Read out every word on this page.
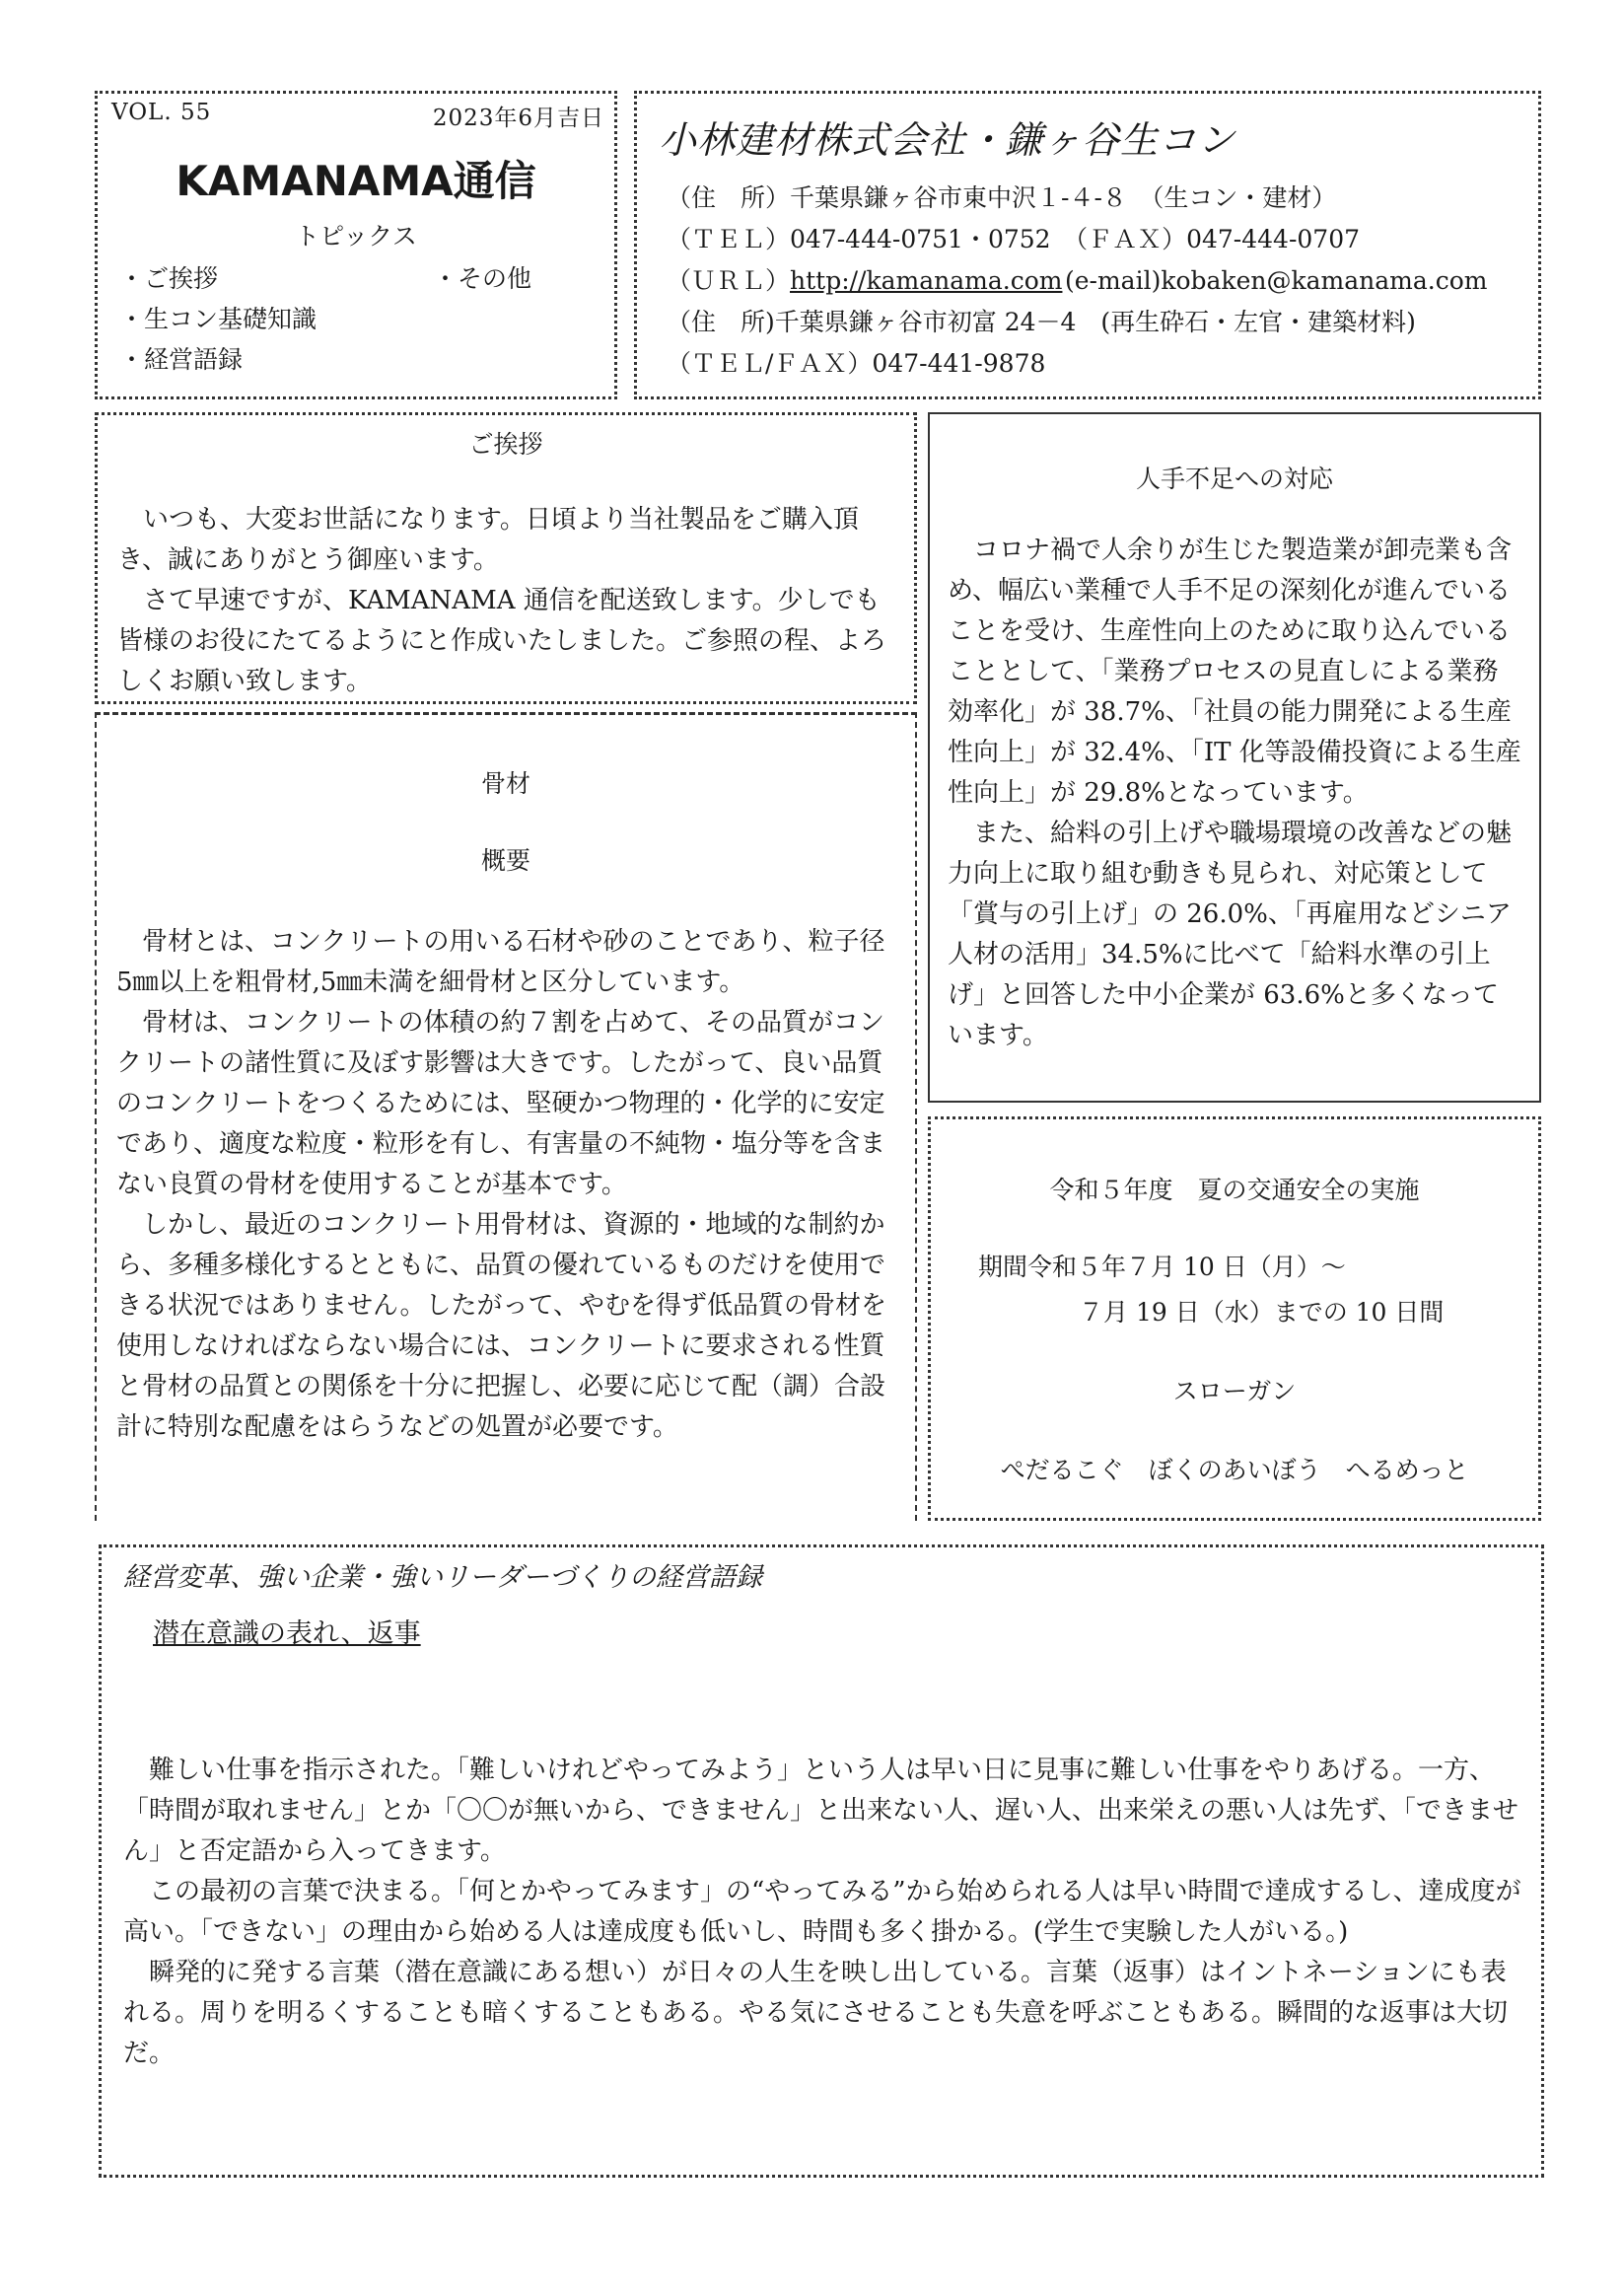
VOL. 55	2023年6月吉日
KAMANAMA通信
トピックス
・ご挨拶	・その他
・生コン基礎知識
・経営語録
小林建材株式会社・鎌ヶ谷生コン
（住　所）千葉県鎌ヶ谷市東中沢１‐４‐８　（生コン・建材）
（ＴＥＬ）047‐444‐0751・0752　（ＦＡＸ）047‐444‐0707
（ＵＲＬ）http://kamanama.com  (e-mail)kobaken@kamanama.com
（住　所)千葉県鎌ヶ谷市初富 24－4　(再生砕石・左官・建築材料)
（ＴＥＬ/ＦＡＸ）047‐441‐9878
ご挨拶

いつも、大変お世話になります。日頃より当社製品をご購入頂き、誠にありがとう御座います。

さて早速ですが、KAMANAMA 通信を配送致します。少しでも皆様のお役にたてるようにと作成いたしました。ご参照の程、よろしくお願い致します。

骨材
概要

骨材とは、コンクリートの用いる石材や砂のことであり、粒子径5㎜以上を粗骨材,5㎜未満を細骨材と区分しています。

骨材は、コンクリートの体積の約７割を占めて、その品質がコンクリートの諸性質に及ぼす影響は大きです。したがって、良い品質のコンクリートをつくるためには、堅硬かつ物理的・化学的に安定であり、適度な粒度・粒形を有し、有害量の不純物・塩分等を含まない良質の骨材を使用することが基本です。

しかし、最近のコンクリート用骨材は、資源的・地域的な制約から、多種多様化するとともに、品質の優れているものだけを使用できる状況ではありません。したがって、やむを得ず低品質の骨材を使用しなければならない場合には、コンクリートに要求される性質と骨材の品質との関係を十分に把握し、必要に応じて配（調）合設計に特別な配慮をはらうなどの処置が必要です。

人手不足への対応

コロナ禍で人余りが生じた製造業が卸売業も含め、幅広い業種で人手不足の深刻化が進んでいることを受け、生産性向上のために取り込んでいることとして、「業務プロセスの見直しによる業務効率化」が 38.7%、「社員の能力開発による生産性向上」が 32.4%、「IT 化等設備投資による生産性向上」が 29.8%となっています。

また、給料の引上げや職場環境の改善などの魅力向上に取り組む動きも見られ、対応策として「賞与の引上げ」の 26.0%、「再雇用などシニア人材の活用」34.5%に比べて「給料水準の引上げ」と回答した中小企業が 63.6%と多くなっています。

令和５年度　夏の交通安全の実施
期間令和５年７月 10 日（月）～
７月 19 日（水）までの 10 日間
スローガン
ぺだるこぐ　ぼくのあいぼう　へるめっと
経営変革、強い企業・強いリーダーづくりの経営語録
潜在意識の表れ、返事

難しい仕事を指示された。「難しいけれどやってみよう」という人は早い日に見事に難しい仕事をやりあげる。一方、「時間が取れません」とか「〇〇が無いから、できません」と出来ない人、遅い人、出来栄えの悪い人は先ず、「できません」と否定語から入ってきます。

この最初の言葉で決まる。「何とかやってみます」の“やってみる”から始められる人は早い時間で達成するし、達成度が高い。「できない」の理由から始める人は達成度も低いし、時間も多く掛かる。(学生で実験した人がいる。)

瞬発的に発する言葉（潜在意識にある想い）が日々の人生を映し出している。言葉（返事）はイントネーションにも表れる。周りを明るくすることも暗くすることもある。やる気にさせることも失意を呼ぶこともある。瞬間的な返事は大切だ。
